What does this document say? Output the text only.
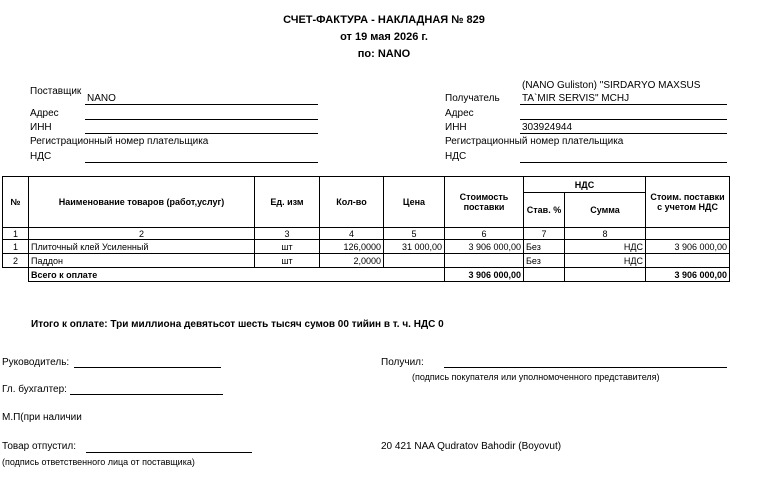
СЧЕТ-ФАКТУРА - НАКЛАДНАЯ № 829
от 19 мая 2026 г.
по: NANO
Поставщик
NANO
Адрес
ИНН
Регистрационный номер плательщика
НДС
Получатель
(NANO Guliston) "SIRDARYO MAXSUS
TA`MIR SERVIS" MCHJ
Адрес
ИНН	303924944
Регистрационный номер плательщика
НДС
№	Наименование товаров (работ,услуг)	Ед. изм	Кол-во	Цена	Стоимость поставки	НДС		Стоим. поставки с учетом НДС
						Став. %	Сумма	
1	2	3	4	5	6	7	8	
1	Плиточный клей Усиленный	шт	126,0000	31 000,00	3 906 000,00	Без	НДС	3 906 000,00
2	Паддон	шт	2,0000			Без	НДС	
	Всего к оплате				3 906 000,00			3 906 000,00
Итого к оплате: Три миллиона девятьсот шесть тысяч сумов 00 тийин в т. ч. НДС 0
Руководитель:
Гл. бухгалтер:
М.П(при наличии
Товар отпустил:
(подпись ответственного лица от поставщика)
Получил:
(подпись покупателя или уполномоченного представителя)
20 421 NAA Qudratov Bahodir (Boyovut)
